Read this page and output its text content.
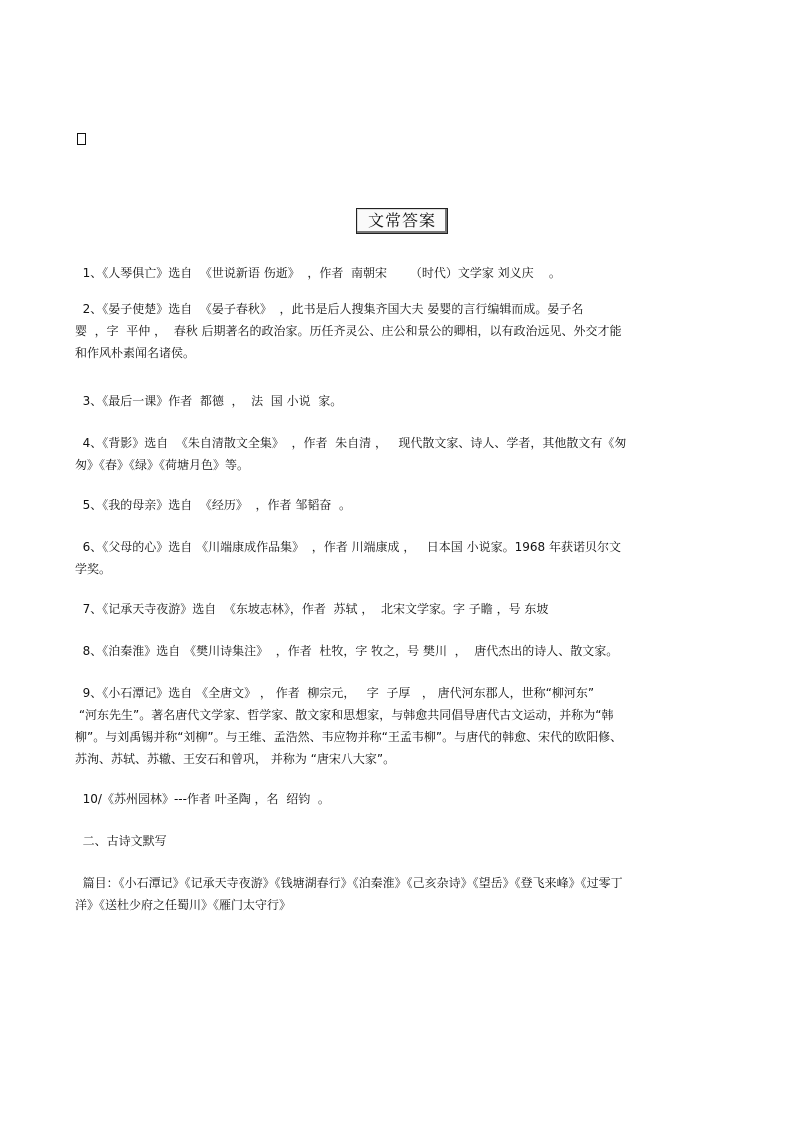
文常答案
1、《人琴俱亡》选自  《世说新语 伤逝》  ，作者  南朝宋      （时代）文学家 刘义庆    。
2、《晏子使楚》选自  《晏子春秋》  ，此书是后人搜集齐国大夫 晏婴的言行编辑而成。晏子名
婴  ，字  平仲 ，  春秋 后期著名的政治家。历任齐灵公、庄公和景公的卿相，以有政治远见、外交才能
和作风朴素闻名诸侯。
3、《最后一课》作者  都德  ，  法  国 小说  家。
4、《背影》选自  《朱自清散文全集》  ，作者  朱自清 ，   现代散文家、诗人、学者，其他散文有《匆
匆》《春》《绿》《荷塘月色》等。
5、《我的母亲》选自  《经历》  ，作者 邹韬奋  。
6、《父母的心》选自 《川端康成作品集》  ，作者 川端康成 ，   日本国 小说家。1968 年获诺贝尔文
学奖。
7、《记承天寺夜游》选自  《东坡志林》，作者  苏轼 ，  北宋文学家。字 子瞻 ，号 东坡
8、《泊秦淮》选自 《樊川诗集注》  ，作者  杜牧，字 牧之，号 樊川  ，  唐代杰出的诗人、散文家。
9、《小石潭记》选自 《全唐文》 ， 作者  柳宗元，   字  子厚   ， 唐代河东郡人，世称“柳河东”
“河东先生”。著名唐代文学家、哲学家、散文家和思想家，与韩愈共同倡导唐代古文运动，并称为“韩
柳”。与刘禹锡并称“刘柳”。与王维、孟浩然、韦应物并称“王孟韦柳”。与唐代的韩愈、宋代的欧阳修、
苏洵、苏轼、苏辙、王安石和曾巩， 并称为 “唐宋八大家”。
10/《苏州园林》---作者 叶圣陶 ，名  绍钧  。
二、古诗文默写
篇目：《小石潭记》《记承天寺夜游》《钱塘湖春行》《泊秦淮》《己亥杂诗》《望岳》《登飞来峰》《过零丁
洋》《送杜少府之任蜀川》《雁门太守行》
